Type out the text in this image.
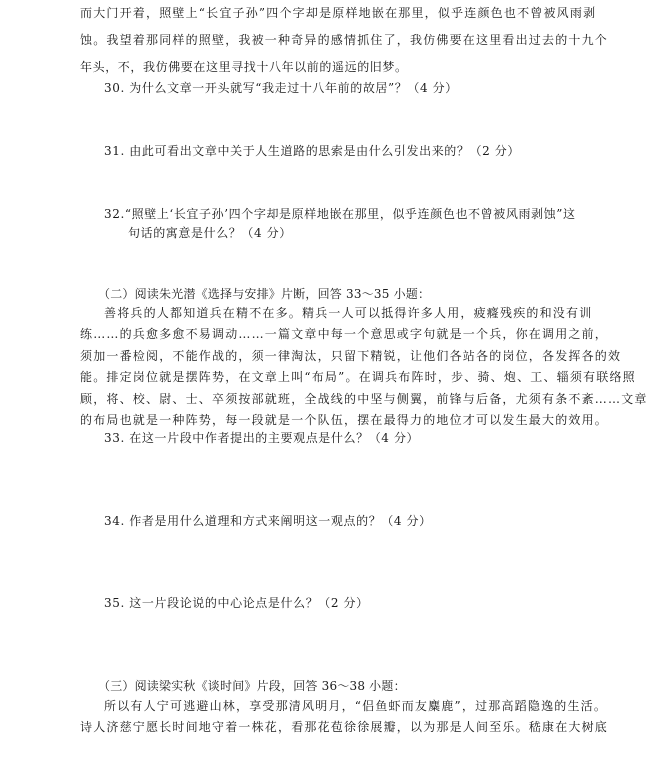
而大门开着，照壁上“长宜子孙”四个字却是原样地嵌在那里，似乎连颜色也不曾被风雨剥
蚀。我望着那同样的照壁，我被一种奇异的感情抓住了，我仿佛要在这里看出过去的十九个
年头，不，我仿佛要在这里寻找十八年以前的遥远的旧梦。
30. 为什么文章一开头就写“我走过十八年前的故居”？（4 分）
31. 由此可看出文章中关于人生道路的思索是由什么引发出来的？（2 分）
32.“照壁上‘长宜子孙’四个字却是原样地嵌在那里，似乎连颜色也不曾被风雨剥蚀”这
句话的寓意是什么？（4 分）
（二）阅读朱光潜《选择与安排》片断，回答 33～35 小题：
善将兵的人都知道兵在精不在多。精兵一人可以抵得许多人用，疲癃残疾的和没有训
练……的兵愈多愈不易调动……一篇文章中每一个意思或字句就是一个兵，你在调用之前，
须加一番检阅，不能作战的，须一律淘汰，只留下精锐，让他们各站各的岗位，各发挥各的效
能。排定岗位就是摆阵势，在文章上叫“布局”。在调兵布阵时，步、骑、炮、工、辎须有联络照
顾，将、校、尉、士、卒须按部就班，全战线的中坚与侧翼，前锋与后备，尤须有条不紊……文章
的布局也就是一种阵势，每一段就是一个队伍，摆在最得力的地位才可以发生最大的效用。
33. 在这一片段中作者提出的主要观点是什么？（4 分）
34. 作者是用什么道理和方式来阐明这一观点的？（4 分）
35. 这一片段论说的中心论点是什么？（2 分）
（三）阅读梁实秋《谈时间》片段，回答 36～38 小题：
所以有人宁可逃避山林，享受那清风明月，“侣鱼虾而友麋鹿”，过那高蹈隐逸的生活。
诗人济慈宁愿长时间地守着一株花，看那花苞徐徐展瓣，以为那是人间至乐。嵇康在大树底
